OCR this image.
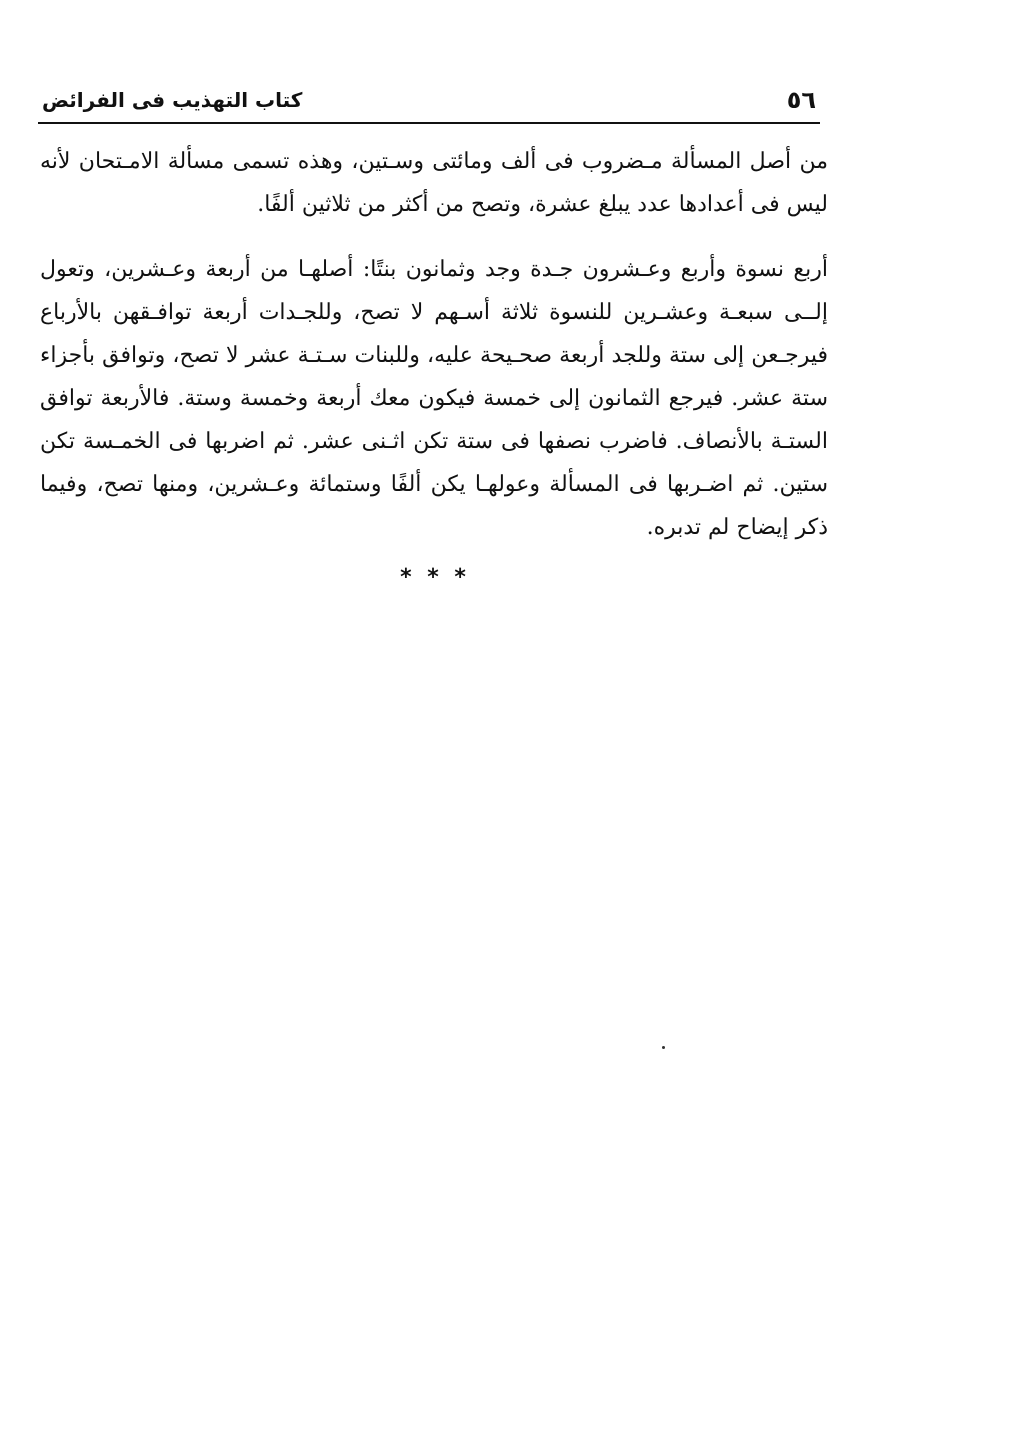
٥٦
كتاب التهذيب فى الفرائض

من أصل المسألة مـضروب فى ألف ومائتى وسـتين، وهذه تسمى مسألة الامـتحان لأنه ليس فى أعدادها عدد يبلغ عشرة، وتصح من أكثر من ثلاثين ألفًا.

أربع نسوة وأربع وعـشرون جـدة وجد وثمانون بنتًا: أصلهـا من أربعة وعـشرين، وتعول إلــى سبعـة وعشـرين للنسوة ثلاثة أسـهم لا تصح، وللجـدات أربعة توافـقهن بالأرباع فيرجـعن إلى ستة وللجد أربعة صحـيحة عليه، وللبنات سـتـة عشر لا تصح، وتوافق بأجزاء ستة عشر. فيرجع الثمانون إلى خمسة فيكون معك أربعة وخمسة وستة. فالأربعة توافق الستـة بالأنصاف. فاضرب نصفها فى ستة تكن اثـنى عشر. ثم اضربها فى الخمـسة تكن ستين. ثم اضـربها فى المسألة وعولهـا يكن ألفًا وستمائة وعـشرين، ومنها تصح، وفيما ذكر إيضاح لم تدبره.

* * *
